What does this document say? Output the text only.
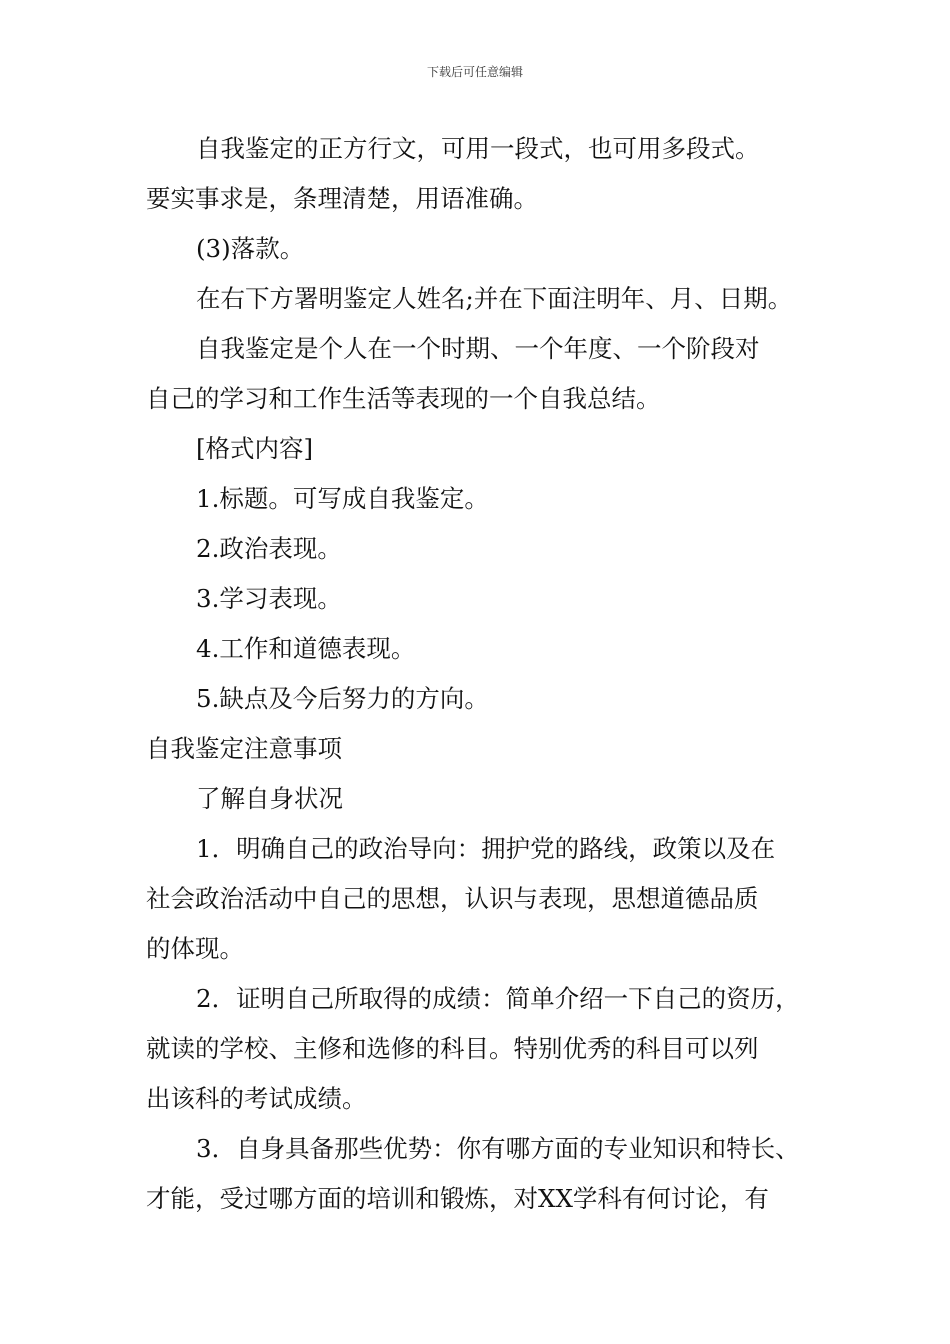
下载后可任意编辑
自我鉴定的正方行文，可用一段式，也可用多段式。
要实事求是，条理清楚，用语准确。
(3)落款。
在右下方署明鉴定人姓名;并在下面注明年、月、日期。
自我鉴定是个人在一个时期、一个年度、一个阶段对
自己的学习和工作生活等表现的一个自我总结。
[格式内容]
1.标题。可写成自我鉴定。
2.政治表现。
3.学习表现。
4.工作和道德表现。
5.缺点及今后努力的方向。
自我鉴定注意事项
了解自身状况
1．明确自己的政治导向：拥护党的路线，政策以及在
社会政治活动中自己的思想，认识与表现，思想道德品质
的体现。
2．证明自己所取得的成绩：简单介绍一下自己的资历，
就读的学校、主修和选修的科目。特别优秀的科目可以列
出该科的考试成绩。
3．自身具备那些优势：你有哪方面的专业知识和特长、
才能，受过哪方面的培训和锻炼，对XX学科有何讨论，有
